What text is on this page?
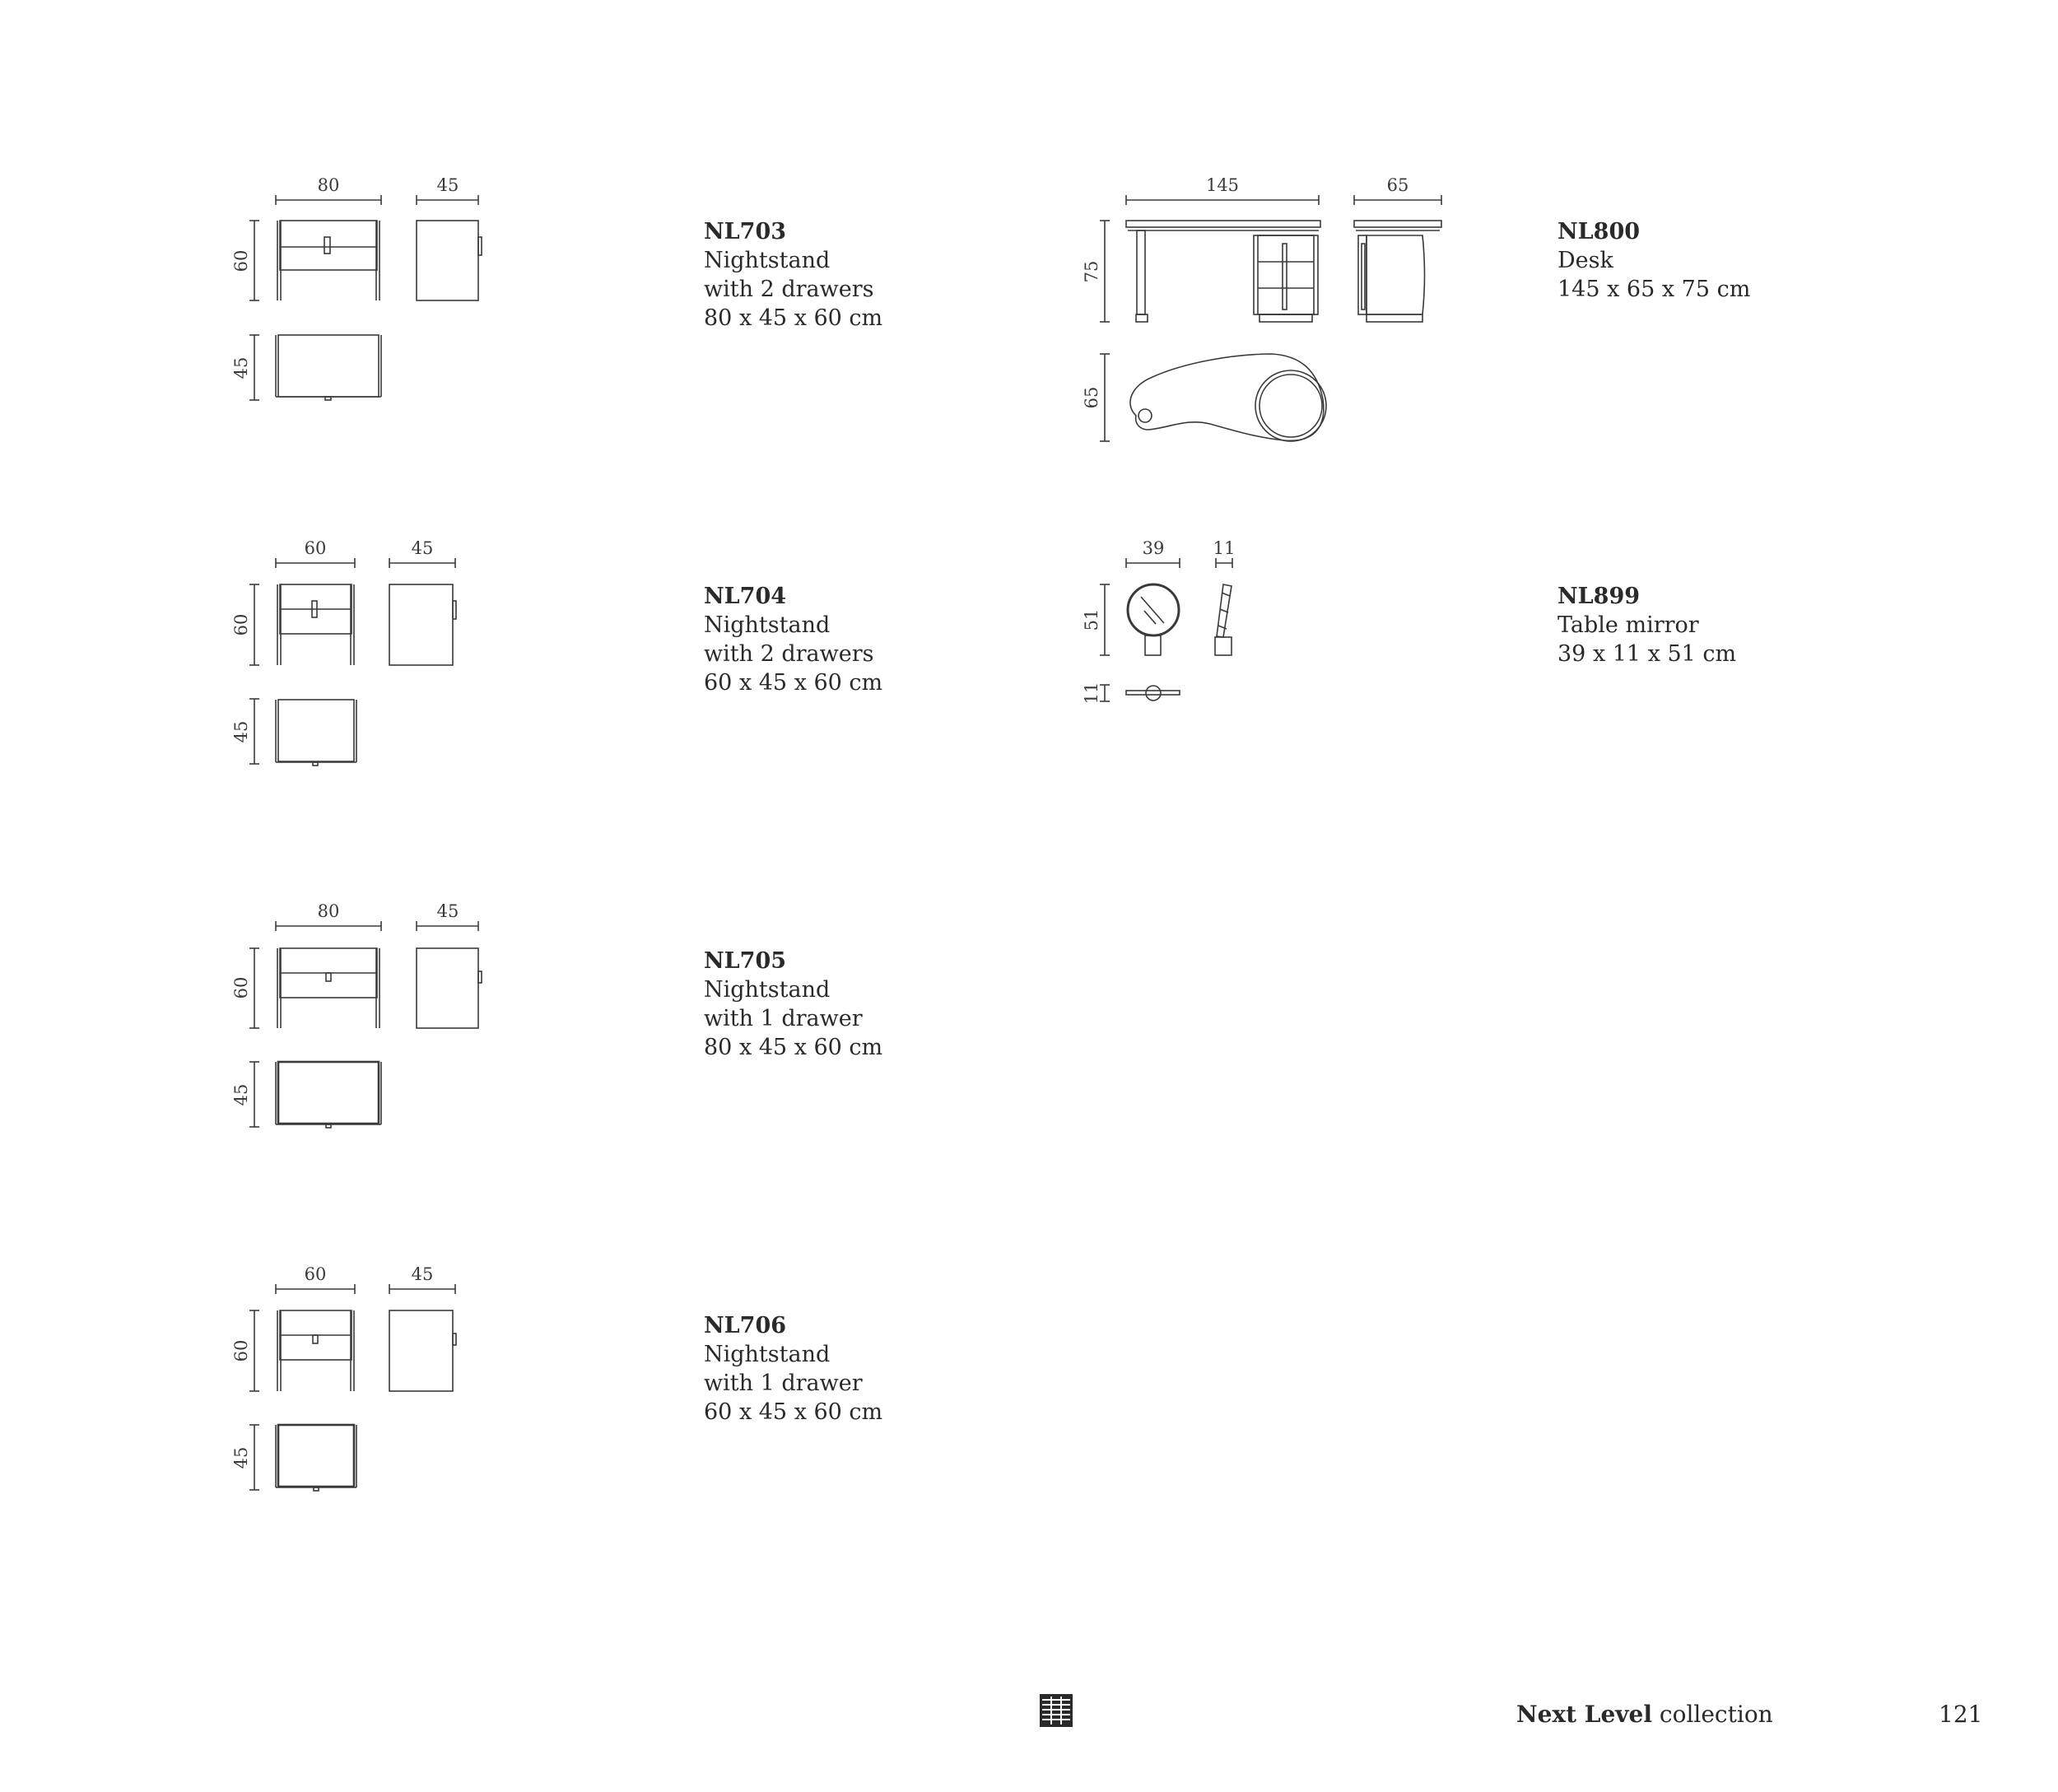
80	45
60
45
60	45
60
45
80	45
60
45
60	45
60
45
145	65
75
65
39	11
51
11
NL703
Nightstand
with 2 drawers
80 x 45 x 60 cm
NL704
Nightstand
with 2 drawers
60 x 45 x 60 cm
NL705
Nightstand
with 1 drawer
80 x 45 x 60 cm
NL706
Nightstand
with 1 drawer
60 x 45 x 60 cm
NL800
Desk
145 x 65 x 75 cm
NL899
Table mirror
39 x 11 x 51 cm
Next Level collection	121
